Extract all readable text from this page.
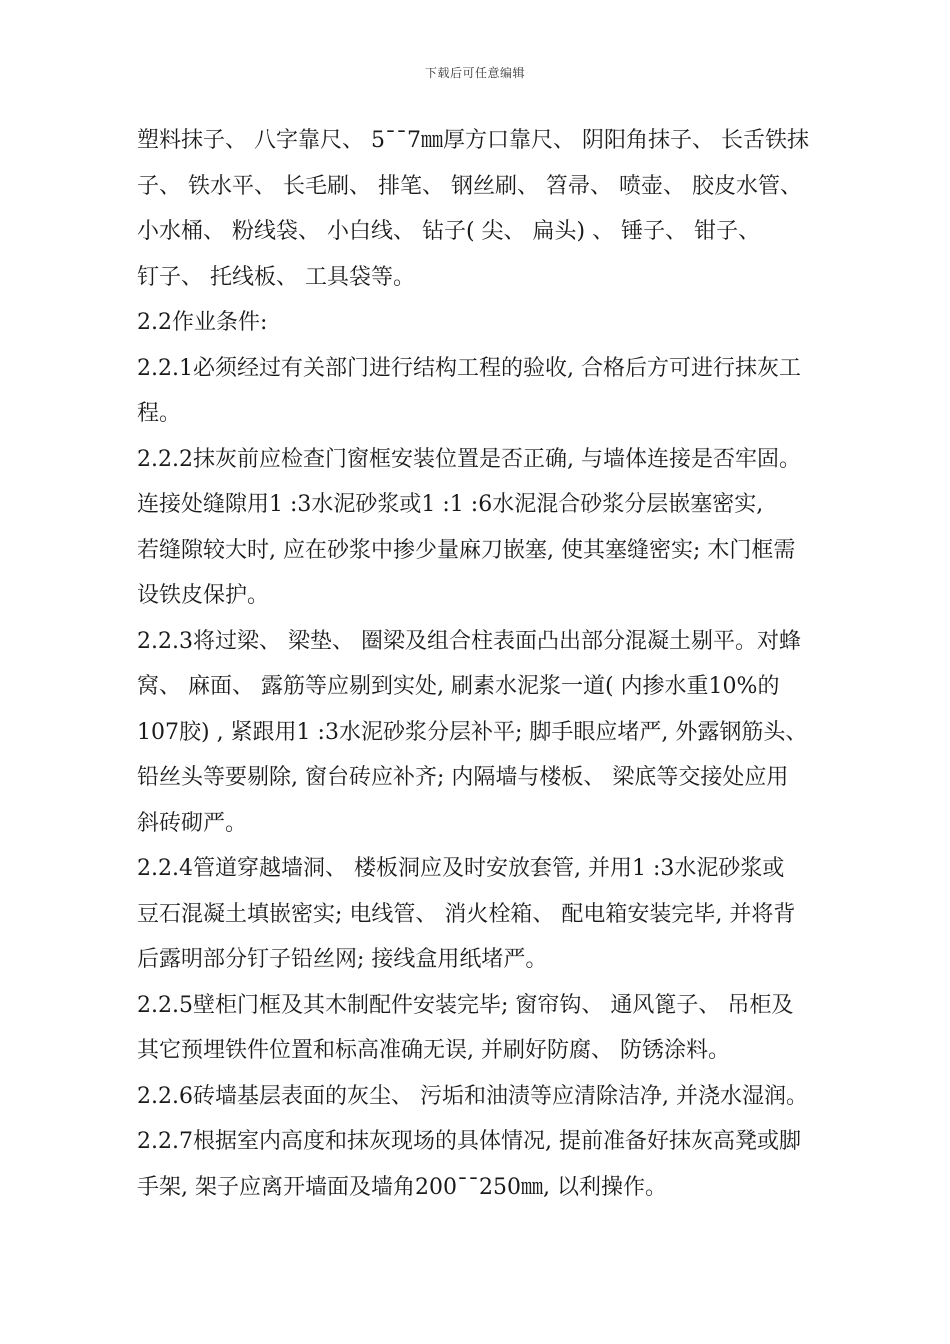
下载后可任意编辑
塑料抹子、 八字靠尺、 5¯¯7㎜厚方口靠尺、 阴阳角抹子、 长舌铁抹
子、 铁水平、 长毛刷、 排笔、 钢丝刷、 笤帚、 喷壶、 胶皮水管、
小水桶、 粉线袋、 小白线、 钻子( 尖、 扁头) 、 锤子、 钳子、
钉子、 托线板、 工具袋等。
2.2作业条件:
2.2.1必须经过有关部门进行结构工程的验收, 合格后方可进行抹灰工
程。
2.2.2抹灰前应检查门窗框安装位置是否正确, 与墙体连接是否牢固。
连接处缝隙用1 :3水泥砂浆或1 :1 :6水泥混合砂浆分层嵌塞密实,
若缝隙较大时, 应在砂浆中掺少量麻刀嵌塞, 使其塞缝密实; 木门框需
设铁皮保护。
2.2.3将过梁、 梁垫、 圈梁及组合柱表面凸出部分混凝土剔平。对蜂
窝、 麻面、 露筋等应剔到实处, 刷素水泥浆一道( 内掺水重10%的
107胶) , 紧跟用1 :3水泥砂浆分层补平; 脚手眼应堵严, 外露钢筋头、
铅丝头等要剔除, 窗台砖应补齐; 内隔墙与楼板、 梁底等交接处应用
斜砖砌严。
2.2.4管道穿越墙洞、 楼板洞应及时安放套管, 并用1 :3水泥砂浆或
豆石混凝土填嵌密实; 电线管、 消火栓箱、 配电箱安装完毕, 并将背
后露明部分钉子铅丝网; 接线盒用纸堵严。
2.2.5壁柜门框及其木制配件安装完毕; 窗帘钩、 通风篦子、 吊柜及
其它预埋铁件位置和标高准确无误, 并刷好防腐、 防锈涂料。
2.2.6砖墙基层表面的灰尘、 污垢和油渍等应清除洁净, 并浇水湿润。
2.2.7根据室内高度和抹灰现场的具体情况, 提前准备好抹灰高凳或脚
手架, 架子应离开墙面及墙角200¯¯250㎜, 以利操作。
